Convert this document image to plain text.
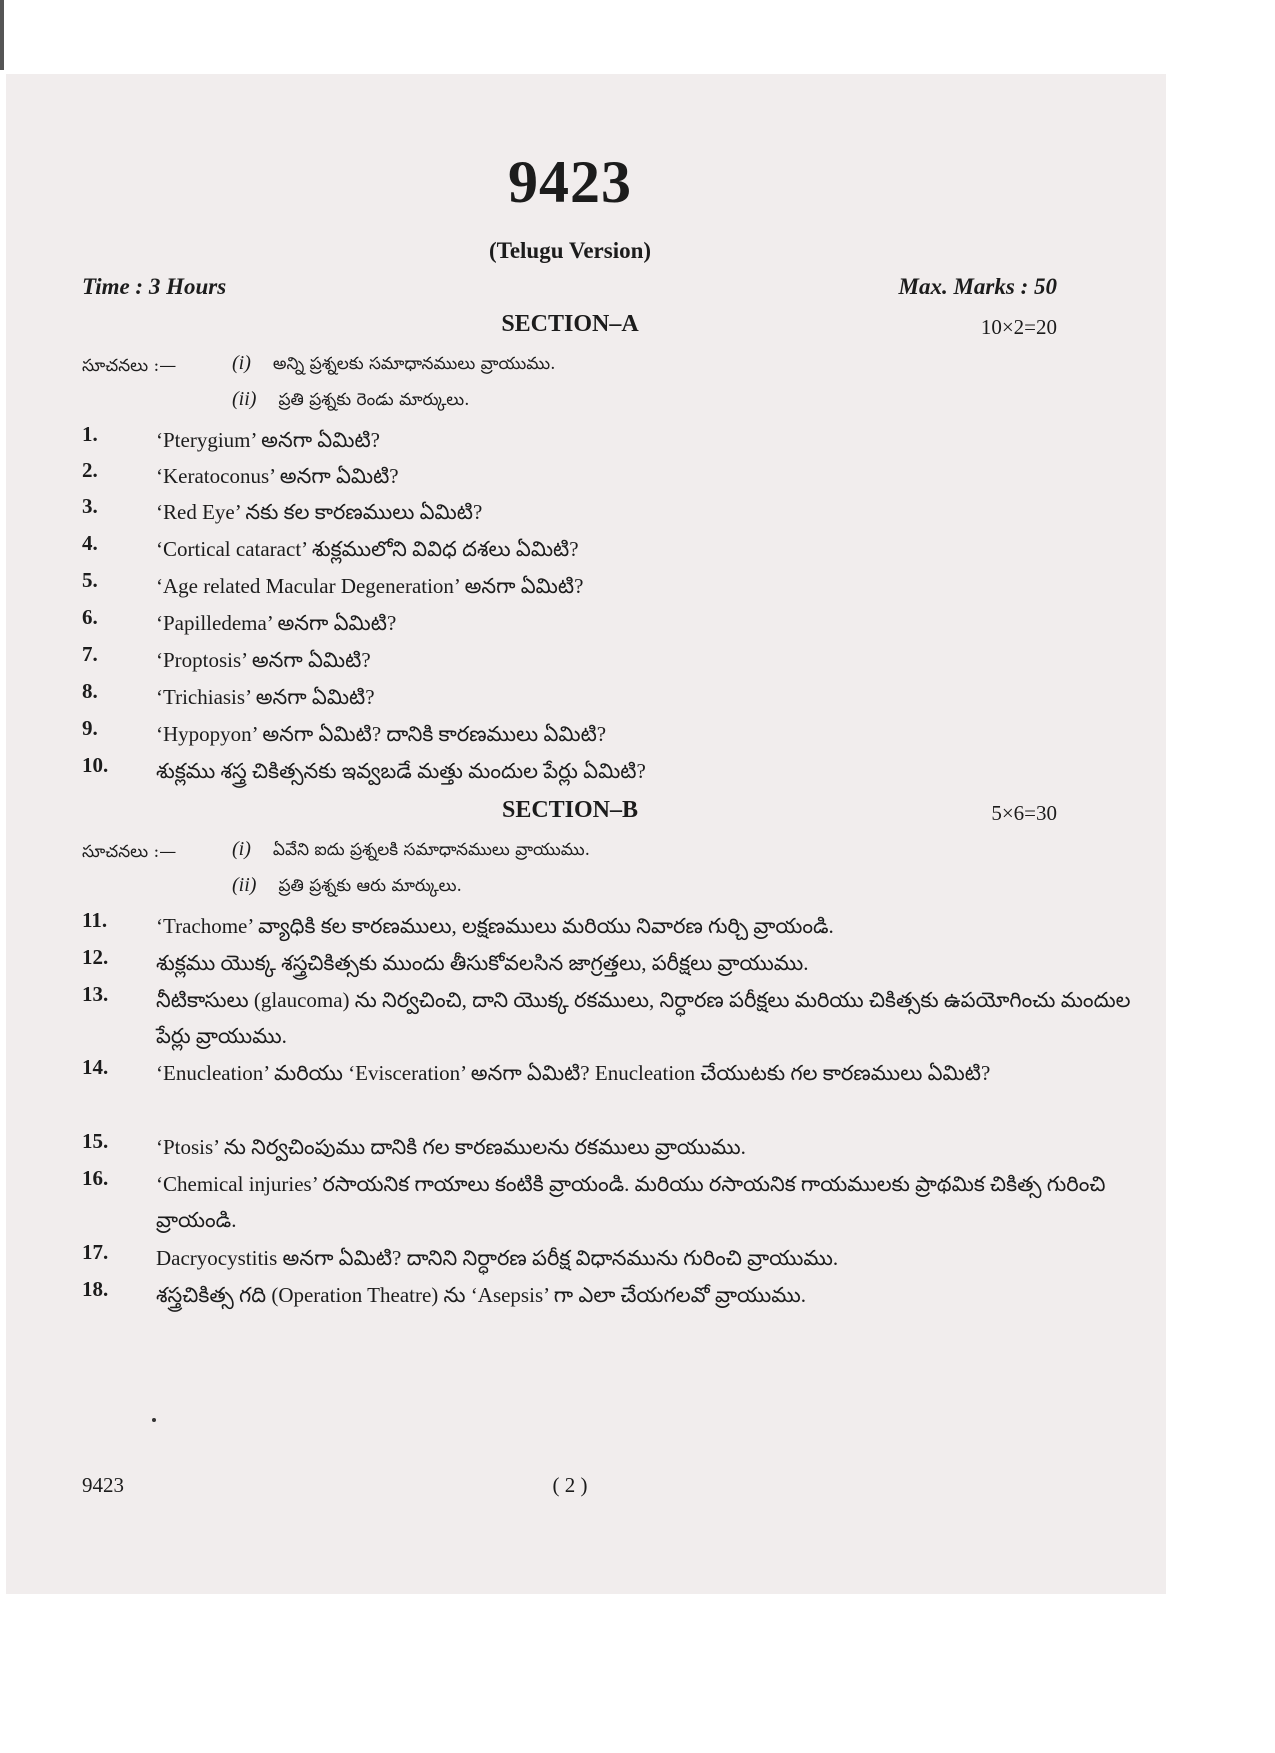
9423
(Telugu Version)
Time : 3 Hours	Max. Marks : 50
SECTION–A	10×2=20
సూచనలు :—	(i) అన్ని ప్రశ్నలకు సమాధానములు వ్రాయుము.
(ii) ప్రతి ప్రశ్నకు రెండు మార్కులు.
1.	‘Pterygium’ అనగా ఏమిటి?
2.	‘Keratoconus’ అనగా ఏమిటి?
3.	‘Red Eye’ నకు కల కారణములు ఏమిటి?
4.	‘Cortical cataract’ శుక్లములోని వివిధ దశలు ఏమిటి?
5.	‘Age related Macular Degeneration’ అనగా ఏమిటి?
6.	‘Papilledema’ అనగా ఏమిటి?
7.	‘Proptosis’ అనగా ఏమిటి?
8.	‘Trichiasis’ అనగా ఏమిటి?
9.	‘Hypopyon’ అనగా ఏమిటి? దానికి కారణములు ఏమిటి?
10. శుక్లము శస్త్ర చికిత్సనకు ఇవ్వబడే మత్తు మందుల పేర్లు ఏమిటి?
SECTION–B	5×6=30
సూచనలు :—	(i) ఏవేని ఐదు ప్రశ్నలకి సమాధానములు వ్రాయుము.
(ii) ప్రతి ప్రశ్నకు ఆరు మార్కులు.
11. ‘Trachome’ వ్యాధికి కల కారణములు, లక్షణములు మరియు నివారణ గుర్చి వ్రాయండి.
12. శుక్లము యొక్క శస్త్రచికిత్సకు ముందు తీసుకోవలసిన జాగ్రత్తలు, పరీక్షలు వ్రాయుము.
13. నీటికాసులు (glaucoma) ను నిర్వచించి, దాని యొక్క రకములు, నిర్ధారణ పరీక్షలు మరియు చికిత్సకు ఉపయోగించు మందుల పేర్లు వ్రాయుము.
14. ‘Enucleation’ మరియు ‘Evisceration’ అనగా ఏమిటి? Enucleation చేయుటకు గల కారణములు ఏమిటి?
15. ‘Ptosis’ ను నిర్వచింపుము దానికి గల కారణములను రకములు వ్రాయుము.
16. ‘Chemical injuries’ రసాయనిక గాయాలు కంటికి వ్రాయండి. మరియు రసాయనిక గాయములకు ప్రాథమిక చికిత్స గురించి వ్రాయండి.
17. Dacryocystitis అనగా ఏమిటి? దానిని నిర్ధారణ పరీక్ష విధానమును గురించి వ్రాయుము.
18. శస్త్రచికిత్స గది (Operation Theatre) ను ‘Asepsis’ గా ఎలా చేయగలవో వ్రాయుము.
9423	( 2 )
